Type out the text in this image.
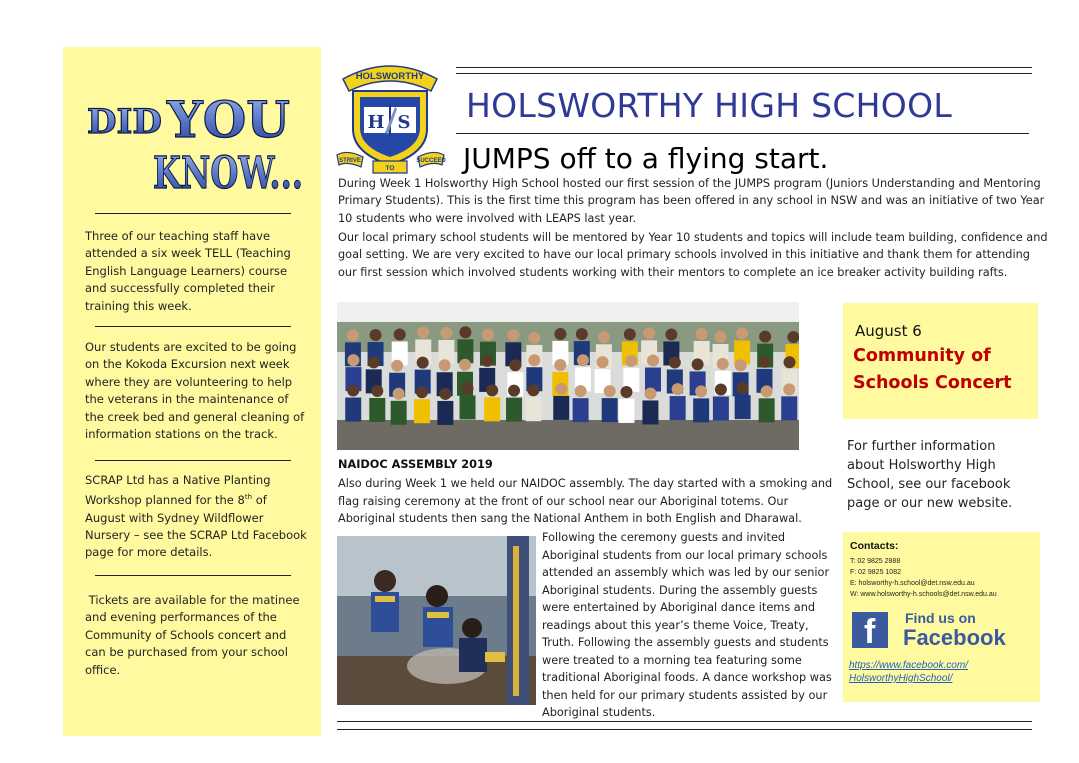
DID YOU
KNOW...

Three of our teaching staff have attended a six week TELL (Teaching English Language Learners) course and successfully completed their training this week.

Our students are excited to be going on the Kokoda Excursion next week where they are volunteering to help the veterans in the maintenance of the creek bed and general cleaning of information stations on the track.

SCRAP Ltd has a Native Planting Workshop planned for the 8th of August with Sydney Wildflower Nursery – see the SCRAP Ltd Facebook page for more details.

Tickets are available for the matinee and evening performances of the Community of Schools concert and can be purchased from your school office.

HOLSWORTHY
H S
STRIVE
TO
SUCCEED
HOLSWORTHY HIGH SCHOOL
JUMPS off to a flying start.

During Week 1 Holsworthy High School hosted our first session of the JUMPS program (Juniors Understanding and Mentoring Primary Students). This is the first time this program has been offered in any school in NSW and was an initiative of two Year 10 students who were involved with LEAPS last year.

Our local primary school students will be mentored by Year 10 students and topics will include team building, confidence and goal setting. We are very excited to have our local primary schools involved in this initiative and thank them for attending our first session which involved students working with their mentors to complete an ice breaker activity building rafts.

August 6
Community of Schools Concert

For further information about Holsworthy High School, see our facebook page or our new website.

NAIDOC ASSEMBLY 2019

Also during Week 1 we held our NAIDOC assembly. The day started with a smoking and flag raising ceremony at the front of our school near our Aboriginal totems. Our Aboriginal students then sang the National Anthem in both English and Dharawal.

Following the ceremony guests and invited Aboriginal students from our local primary schools attended an assembly which was led by our senior Aboriginal students. During the assembly guests were entertained by Aboriginal dance items and readings about this year’s theme Voice, Treaty, Truth. Following the assembly guests and students were treated to a morning tea featuring some traditional Aboriginal foods. A dance workshop was then held for our primary students assisted by our Aboriginal students.

Contacts:
T: 02 9825 2888
F: 02 9825 1082
E: holsworthy-h.school@det.nsw.edu.au
W: www.holsworthy-h.schools@det.nsw.edu.au
f Find us on
Facebook
https://www.facebook.com/
HolsworthyHighSchool/
